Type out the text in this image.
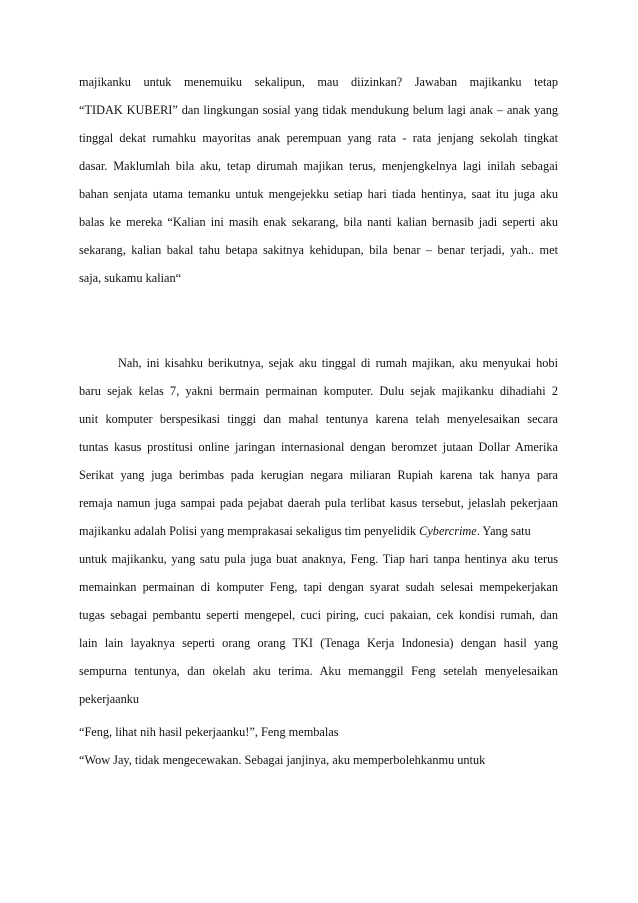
majikanku untuk menemuiku sekalipun, mau diizinkan? Jawaban majikanku tetap
“TIDAK KUBERI” dan lingkungan sosial yang tidak mendukung belum lagi anak – anak yang
tinggal dekat rumahku mayoritas anak perempuan yang rata - rata jenjang sekolah tingkat
dasar. Maklumlah bila aku, tetap dirumah majikan terus, menjengkelnya lagi inilah sebagai
bahan senjata utama temanku untuk mengejekku setiap hari tiada hentinya, saat itu juga aku
balas ke mereka “Kalian ini masih enak sekarang, bila nanti kalian bernasib jadi seperti aku
sekarang, kalian bakal tahu betapa sakitnya kehidupan, bila benar – benar terjadi, yah.. met
saja, sukamu kalian“
Nah, ini kisahku berikutnya, sejak aku tinggal di rumah majikan, aku menyukai hobi
baru sejak kelas 7, yakni bermain permainan komputer. Dulu sejak majikanku dihadiahi 2
unit komputer berspesikasi tinggi dan mahal tentunya karena telah menyelesaikan secara
tuntas kasus prostitusi online jaringan internasional dengan beromzet jutaan Dollar Amerika
Serikat yang juga berimbas pada kerugian negara miliaran Rupiah karena tak hanya para
remaja namun juga sampai pada pejabat daerah pula terlibat kasus tersebut, jelaslah pekerjaan
majikanku adalah Polisi yang memprakasai sekaligus tim penyelidik Cybercrime. Yang satu
untuk majikanku, yang satu pula juga buat anaknya, Feng. Tiap hari tanpa hentinya aku terus
memainkan permainan di komputer Feng, tapi dengan syarat sudah selesai mempekerjakan
tugas sebagai pembantu seperti mengepel, cuci piring, cuci pakaian, cek kondisi rumah, dan
lain lain layaknya seperti orang orang TKI (Tenaga Kerja Indonesia) dengan hasil yang
sempurna tentunya, dan okelah aku terima. Aku memanggil Feng setelah menyelesaikan
pekerjaanku
“Feng, lihat nih hasil pekerjaanku!”, Feng membalas
“Wow Jay, tidak mengecewakan. Sebagai janjinya, aku memperbolehkanmu untuk
